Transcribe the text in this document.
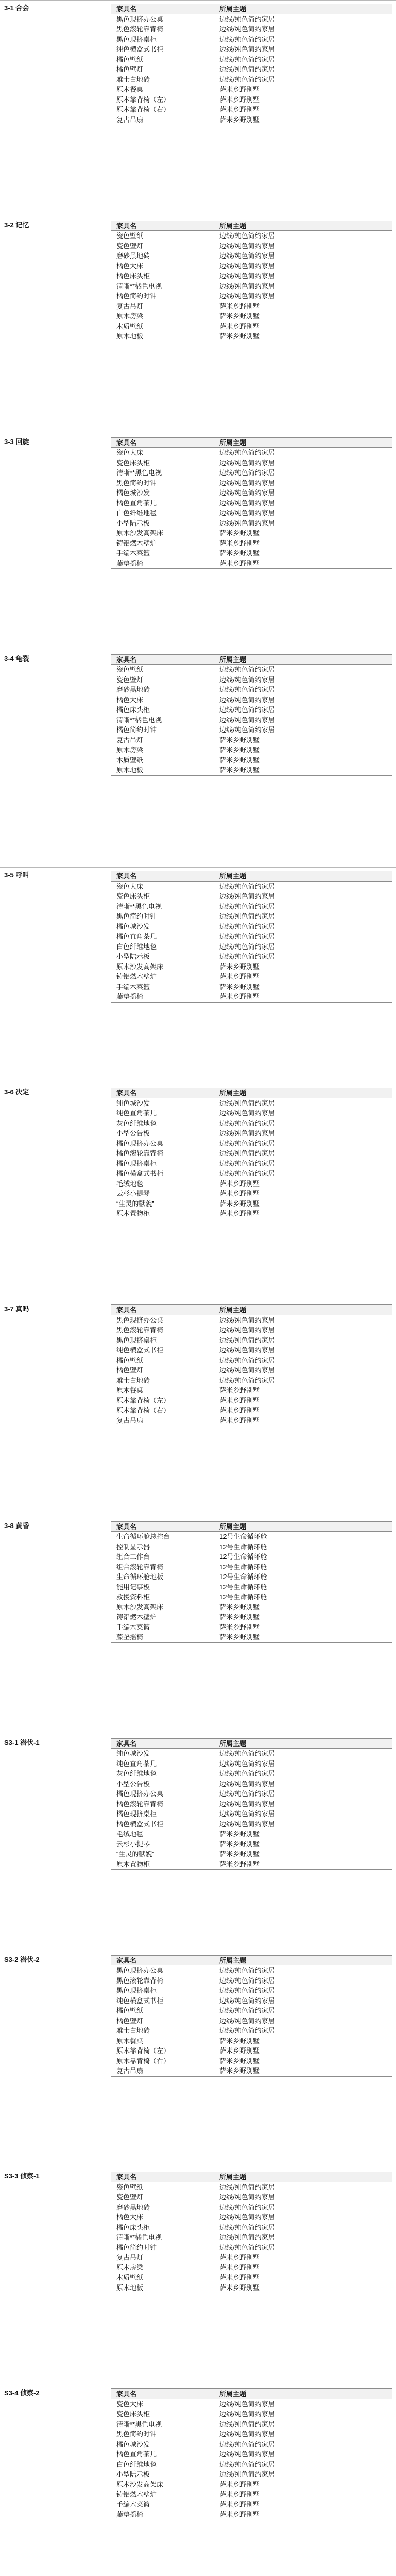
3-1 合会	家具名	所属主题
黑色现挤办公桌	边线/纯色简约家居
黑色滚轮靠背椅	边线/纯色简约家居
黑色现挤桌柜	边线/纯色简约家居
纯色横盒式书柜	边线/纯色简约家居
橘色壁纸	边线/纯色简约家居
橘色壁灯	边线/纯色简约家居
雅士白地砖	边线/纯色简约家居
原木餐桌	萨米乡野别墅
原木靠背椅（左）	萨米乡野别墅
原木靠背椅（右）	萨米乡野别墅
复古吊扇	萨米乡野别墅
3-2 记忆	家具名	所属主题
瓷色壁纸	边线/纯色简约家居
瓷色壁灯	边线/纯色简约家居
磨砂黑地砖	边线/纯色简约家居
橘色大床	边线/纯色简约家居
橘色床头柜	边线/纯色简约家居
清晰**橘色电视	边线/纯色简约家居
橘色简约时钟	边线/纯色简约家居
复古吊灯	萨米乡野别墅
原木房梁	萨米乡野别墅
木质壁纸	萨米乡野别墅
原木地板	萨米乡野别墅
3-3 回旋	家具名	所属主题
瓷色大床	边线/纯色简约家居
瓷色床头柜	边线/纯色简约家居
清晰**黑色电视	边线/纯色简约家居
黑色简约时钟	边线/纯色简约家居
橘色城沙发	边线/纯色简约家居
橘色直角茶几	边线/纯色简约家居
白色纤维地毯	边线/纯色简约家居
小型陆示板	边线/纯色简约家居
原木沙发高架床	萨米乡野别墅
铸铝燃木壁炉	萨米乡野别墅
手编木菜篮	萨米乡野别墅
藤垫摇椅	萨米乡野别墅
3-4 龟裂	家具名	所属主题
瓷色壁纸	边线/纯色简约家居
瓷色壁灯	边线/纯色简约家居
磨砂黑地砖	边线/纯色简约家居
橘色大床	边线/纯色简约家居
橘色床头柜	边线/纯色简约家居
清晰**橘色电视	边线/纯色简约家居
橘色简约时钟	边线/纯色简约家居
复古吊灯	萨米乡野别墅
原木房梁	萨米乡野别墅
木质壁纸	萨米乡野别墅
原木地板	萨米乡野别墅
3-5 呼叫	家具名	所属主题
瓷色大床	边线/纯色简约家居
瓷色床头柜	边线/纯色简约家居
清晰**黑色电视	边线/纯色简约家居
黑色简约时钟	边线/纯色简约家居
橘色城沙发	边线/纯色简约家居
橘色直角茶几	边线/纯色简约家居
白色纤维地毯	边线/纯色简约家居
小型陆示板	边线/纯色简约家居
原木沙发高架床	萨米乡野别墅
铸铝燃木壁炉	萨米乡野别墅
手编木菜篮	萨米乡野别墅
藤垫摇椅	萨米乡野别墅
3-6 决定	家具名	所属主题
纯色城沙发	边线/纯色简约家居
纯色直角茶几	边线/纯色简约家居
灰色纤维地毯	边线/纯色简约家居
小型公告板	边线/纯色简约家居
橘色现挤办公桌	边线/纯色简约家居
橘色滚轮靠背椅	边线/纯色简约家居
橘色现挤桌柜	边线/纯色简约家居
橘色横盒式书柜	边线/纯色简约家居
毛绒地毯	萨米乡野别墅
云杉小提琴	萨米乡野别墅
“生灵的獸貌”	萨米乡野别墅
原木置物柜	萨米乡野别墅
3-7 真吗	家具名	所属主题
黑色现挤办公桌	边线/纯色简约家居
黑色滚轮靠背椅	边线/纯色简约家居
黑色现挤桌柜	边线/纯色简约家居
纯色横盒式书柜	边线/纯色简约家居
橘色壁纸	边线/纯色简约家居
橘色壁灯	边线/纯色简约家居
雅士白地砖	边线/纯色简约家居
原木餐桌	萨米乡野别墅
原木靠背椅（左）	萨米乡野别墅
原木靠背椅（右）	萨米乡野别墅
复古吊扇	萨米乡野别墅
3-8 黄昏	家具名	所属主题
生命循环舱总控台	12号生命循环舱
控制显示器	12号生命循环舱
组合工作台	12号生命循环舱
组合滚轮靠背椅	12号生命循环舱
生命循环舱地板	12号生命循环舱
能用记事板	12号生命循环舱
救援资料柜	12号生命循环舱
原木沙发高架床	萨米乡野别墅
铸铝燃木壁炉	萨米乡野别墅
手编木菜篮	萨米乡野别墅
藤垫摇椅	萨米乡野别墅
S3-1 潜伏-1	家具名	所属主题
纯色城沙发	边线/纯色简约家居
纯色直角茶几	边线/纯色简约家居
灰色纤维地毯	边线/纯色简约家居
小型公告板	边线/纯色简约家居
橘色现挤办公桌	边线/纯色简约家居
橘色滚轮靠背椅	边线/纯色简约家居
橘色现挤桌柜	边线/纯色简约家居
橘色横盒式书柜	边线/纯色简约家居
毛绒地毯	萨米乡野别墅
云杉小提琴	萨米乡野别墅
“生灵的獸貌”	萨米乡野别墅
原木置物柜	萨米乡野别墅
S3-2 潜伏-2	家具名	所属主题
黑色现挤办公桌	边线/纯色简约家居
黑色滚轮靠背椅	边线/纯色简约家居
黑色现挤桌柜	边线/纯色简约家居
纯色横盒式书柜	边线/纯色简约家居
橘色壁纸	边线/纯色简约家居
橘色壁灯	边线/纯色简约家居
雅士白地砖	边线/纯色简约家居
原木餐桌	萨米乡野别墅
原木靠背椅（左）	萨米乡野别墅
原木靠背椅（右）	萨米乡野别墅
复古吊扇	萨米乡野别墅
S3-3 侦察-1	家具名	所属主题
瓷色壁纸	边线/纯色简约家居
瓷色壁灯	边线/纯色简约家居
磨砂黑地砖	边线/纯色简约家居
橘色大床	边线/纯色简约家居
橘色床头柜	边线/纯色简约家居
清晰**橘色电视	边线/纯色简约家居
橘色简约时钟	边线/纯色简约家居
复古吊灯	萨米乡野别墅
原木房梁	萨米乡野别墅
木质壁纸	萨米乡野别墅
原木地板	萨米乡野别墅
S3-4 侦察-2	家具名	所属主题
瓷色大床	边线/纯色简约家居
瓷色床头柜	边线/纯色简约家居
清晰**黑色电视	边线/纯色简约家居
黑色简约时钟	边线/纯色简约家居
橘色城沙发	边线/纯色简约家居
橘色直角茶几	边线/纯色简约家居
白色纤维地毯	边线/纯色简约家居
小型陆示板	边线/纯色简约家居
原木沙发高架床	萨米乡野别墅
铸铝燃木壁炉	萨米乡野别墅
手编木菜篮	萨米乡野别墅
藤垫摇椅	萨米乡野别墅
